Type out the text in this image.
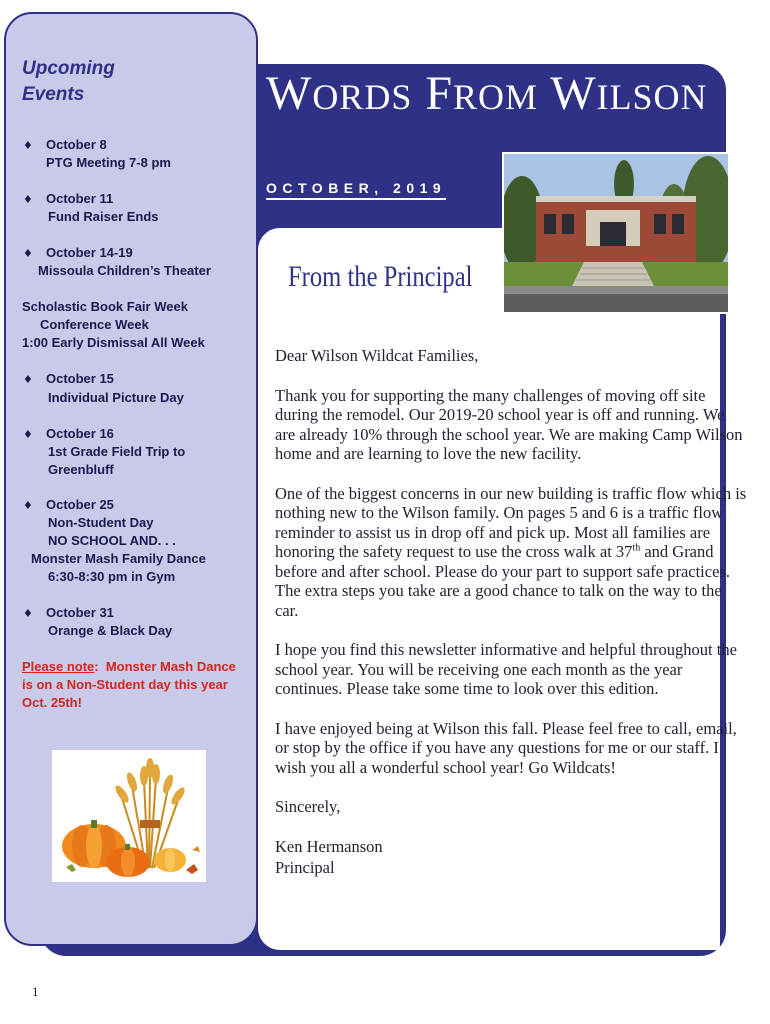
Upcoming
Events
♦ October 8
PTG Meeting 7-8 pm
♦ October 11
Fund Raiser Ends
♦ October 14-19
Missoula Children’s Theater
Scholastic Book Fair Week
Conference Week
1:00 Early Dismissal All Week
♦ October 15
Individual Picture Day
♦ October 16
1st Grade Field Trip to
Greenbluff
♦ October 25
Non-Student Day
NO SCHOOL AND. . .
Monster Mash Family Dance
6:30-8:30 pm in Gym
♦ October 31
Orange & Black Day
Please note:  Monster Mash Dance is on a Non-Student day this year Oct. 25th!
WORDS FROM WILSON
OCTOBER, 2019
From the Principal

Dear Wilson Wildcat Families,

Thank you for supporting the many challenges of moving off site during the remodel. Our 2019-20 school year is off and running. We are already 10% through the school year. We are making Camp Wilson home and are learning to love the new facility.

One of the biggest concerns in our new building is traffic flow which is nothing new to the Wilson family. On pages 5 and 6 is a traffic flow reminder to assist us in drop off and pick up. Most all families are honoring the safety request to use the cross walk at 37th and Grand before and after school. Please do your part to support safe practices. The extra steps you take are a good chance to talk on the way to the car.

I hope you find this newsletter informative and helpful throughout the school year. You will be receiving one each month as the year continues. Please take some time to look over this edition.

I have enjoyed being at Wilson this fall. Please feel free to call, email, or stop by the office if you have any questions for me or our staff. I wish you all a wonderful school year! Go Wildcats!

Sincerely,

Ken Hermanson

Principal

1
